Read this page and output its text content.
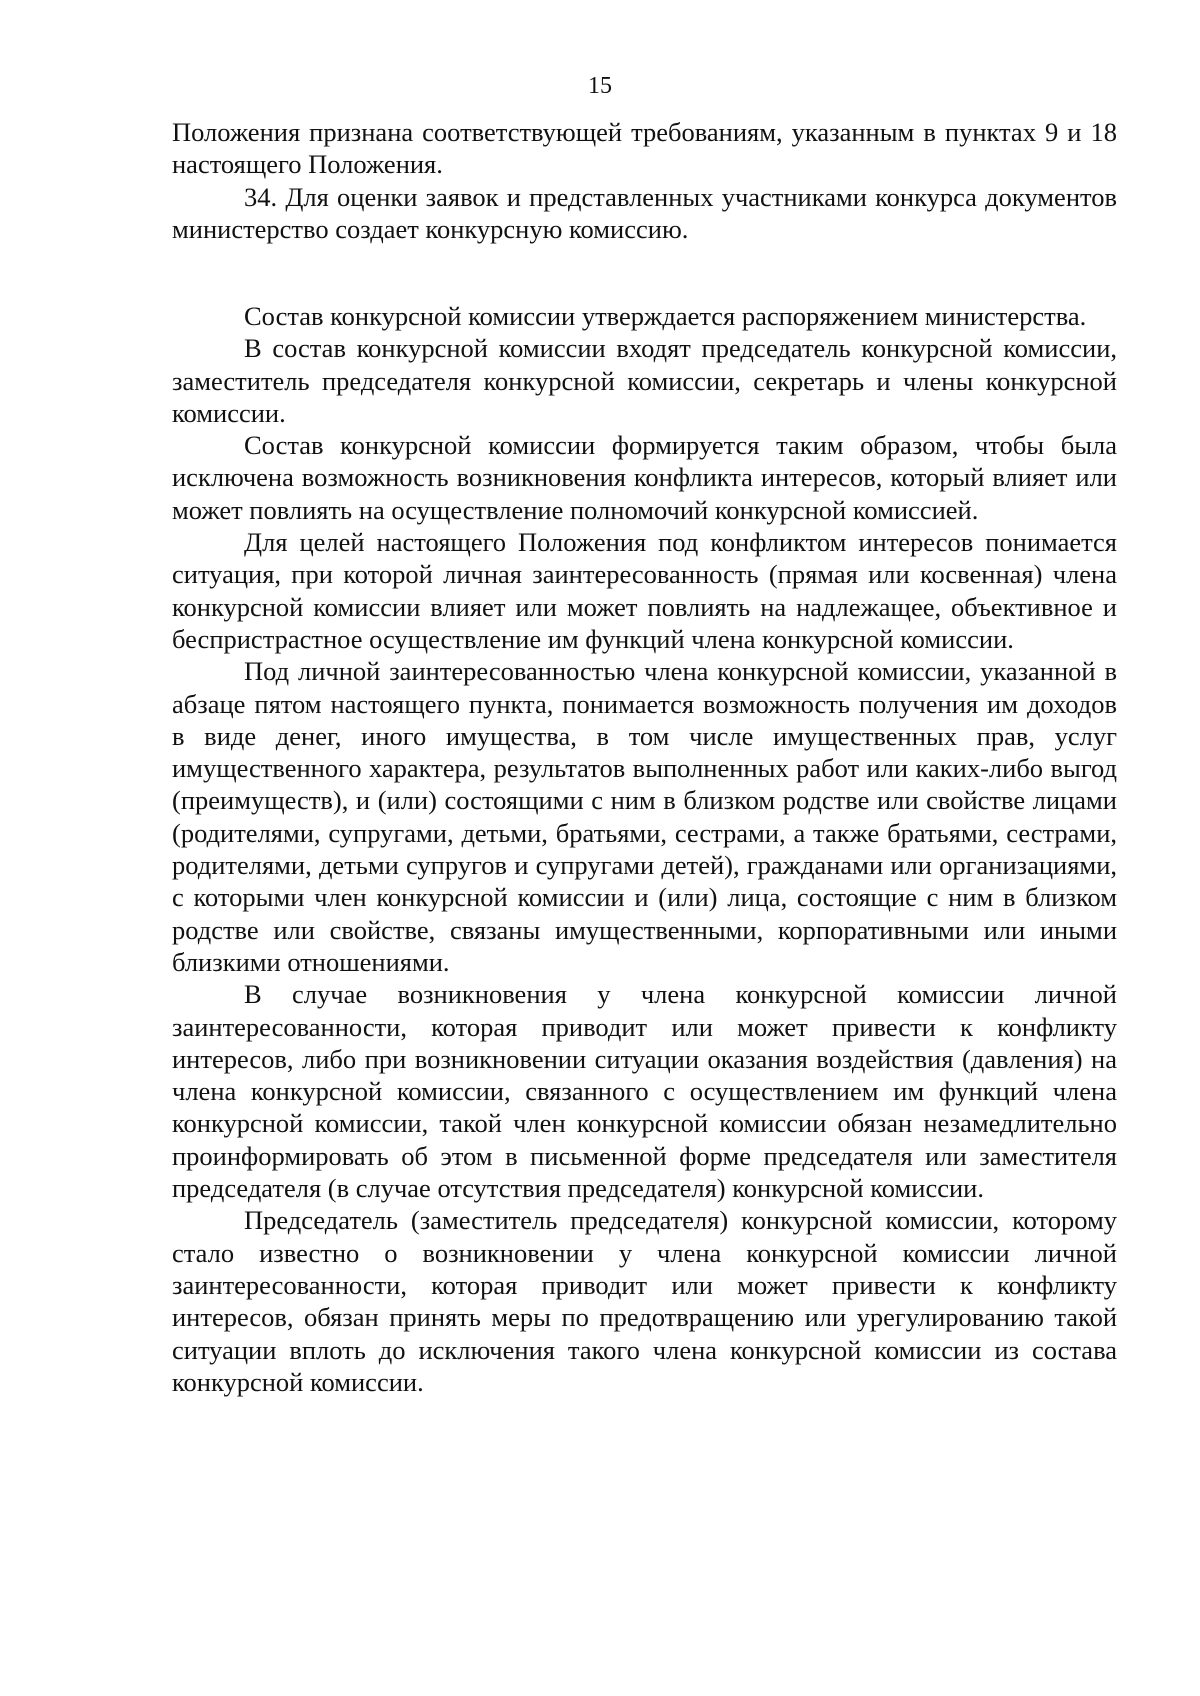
15

Положения признана соответствующей требованиям, указанным в пунктах 9 и 18 настоящего Положения.

34. Для оценки заявок и представленных участниками конкурса документов министерство создает конкурсную комиссию.

Состав конкурсной комиссии утверждается распоряжением министерства.

В состав конкурсной комиссии входят председатель конкурсной комиссии, заместитель председателя конкурсной комиссии, секретарь и члены конкурсной комиссии.

Состав конкурсной комиссии формируется таким образом, чтобы была исключена возможность возникновения конфликта интересов, который влияет или может повлиять на осуществление полномочий конкурсной комиссией.

Для целей настоящего Положения под конфликтом интересов понимается ситуация, при которой личная заинтересованность (прямая или косвенная) члена конкурсной комиссии влияет или может повлиять на надлежащее, объективное и беспристрастное осуществление им функций члена конкурсной комиссии.

Под личной заинтересованностью члена конкурсной комиссии, указанной в абзаце пятом настоящего пункта, понимается возможность получения им доходов в виде денег, иного имущества, в том числе имущественных прав, услуг имущественного характера, результатов выполненных работ или каких-либо выгод (преимуществ), и (или) состоящими с ним в близком родстве или свойстве лицами (родителями, супругами, детьми, братьями, сестрами, а также братьями, сестрами, родителями, детьми супругов и супругами детей), гражданами или организациями, с которыми член конкурсной комиссии и (или) лица, состоящие с ним в близком родстве или свойстве, связаны имущественными, корпоративными или иными близкими отношениями.

В случае возникновения у члена конкурсной комиссии личной заинтересованности, которая приводит или может привести к конфликту интересов, либо при возникновении ситуации оказания воздействия (давления) на члена конкурсной комиссии, связанного с осуществлением им функций члена конкурсной комиссии, такой член конкурсной комиссии обязан незамедлительно проинформировать об этом в письменной форме председателя или заместителя председателя (в случае отсутствия председателя) конкурсной комиссии.

Председатель (заместитель председателя) конкурсной комиссии, которому стало известно о возникновении у члена конкурсной комиссии личной заинтересованности, которая приводит или может привести к конфликту интересов, обязан принять меры по предотвращению или урегулированию такой ситуации вплоть до исключения такого члена конкурсной комиссии из состава конкурсной комиссии.
